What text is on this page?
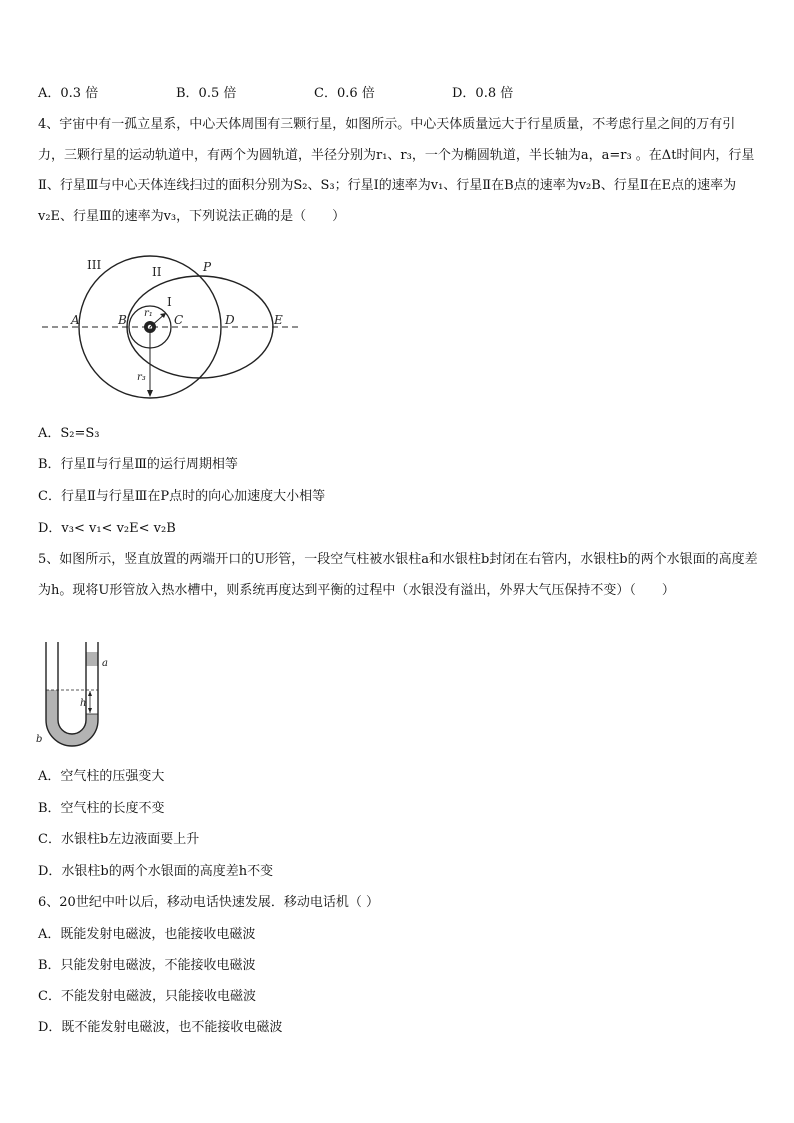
A．0.3 倍	B．0.5 倍	C．0.6 倍	D．0.8 倍
4、宇宙中有一孤立星系，中心天体周围有三颗行星，如图所示。中心天体质量远大于行星质量，不考虑行星之间的万有引力，三颗行星的运动轨道中，有两个为圆轨道，半径分别为r₁、r₃，一个为椭圆轨道，半长轴为a，a=r₃ 。在Δt时间内，行星Ⅱ、行星Ⅲ与中心天体连线扫过的面积分别为S₂、S₃；行星Ⅰ的速率为v₁、行星Ⅱ在B点的速率为v₂B、行星Ⅱ在E点的速率为v₂E、行星Ⅲ的速率为v₃，下列说法正确的是（　　）
III	II	P
I
A	B	C	D	E
r₁
r₃
A．S₂=S₃
B．行星Ⅱ与行星Ⅲ的运行周期相等
C．行星Ⅱ与行星Ⅲ在P点时的向心加速度大小相等
D．v₃< v₁< v₂E< v₂B
5、如图所示，竖直放置的两端开口的U形管，一段空气柱被水银柱a和水银柱b封闭在右管内，水银柱b的两个水银面的高度差为h。现将U形管放入热水槽中，则系统再度达到平衡的过程中（水银没有溢出，外界大气压保持不变）（　　）
h
a
b
A．空气柱的压强变大
B．空气柱的长度不变
C．水银柱b左边液面要上升
D．水银柱b的两个水银面的高度差h不变
6、20世纪中叶以后，移动电话快速发展．移动电话机（ ）
A．既能发射电磁波，也能接收电磁波
B．只能发射电磁波，不能接收电磁波
C．不能发射电磁波，只能接收电磁波
D．既不能发射电磁波，也不能接收电磁波
